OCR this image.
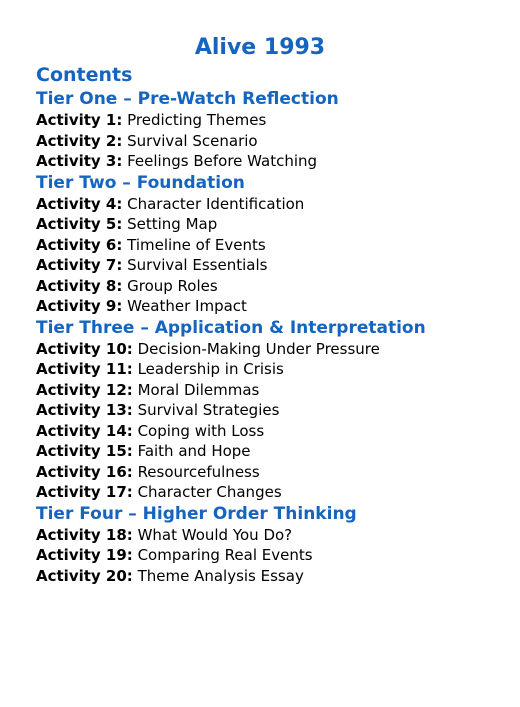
Alive 1993
Contents
Tier One – Pre-Watch Reflection
Activity 1: Predicting Themes
Activity 2: Survival Scenario
Activity 3: Feelings Before Watching
Tier Two – Foundation
Activity 4: Character Identification
Activity 5: Setting Map
Activity 6: Timeline of Events
Activity 7: Survival Essentials
Activity 8: Group Roles
Activity 9: Weather Impact
Tier Three – Application & Interpretation
Activity 10: Decision-Making Under Pressure
Activity 11: Leadership in Crisis
Activity 12: Moral Dilemmas
Activity 13: Survival Strategies
Activity 14: Coping with Loss
Activity 15: Faith and Hope
Activity 16: Resourcefulness
Activity 17: Character Changes
Tier Four – Higher Order Thinking
Activity 18: What Would You Do?
Activity 19: Comparing Real Events
Activity 20: Theme Analysis Essay
